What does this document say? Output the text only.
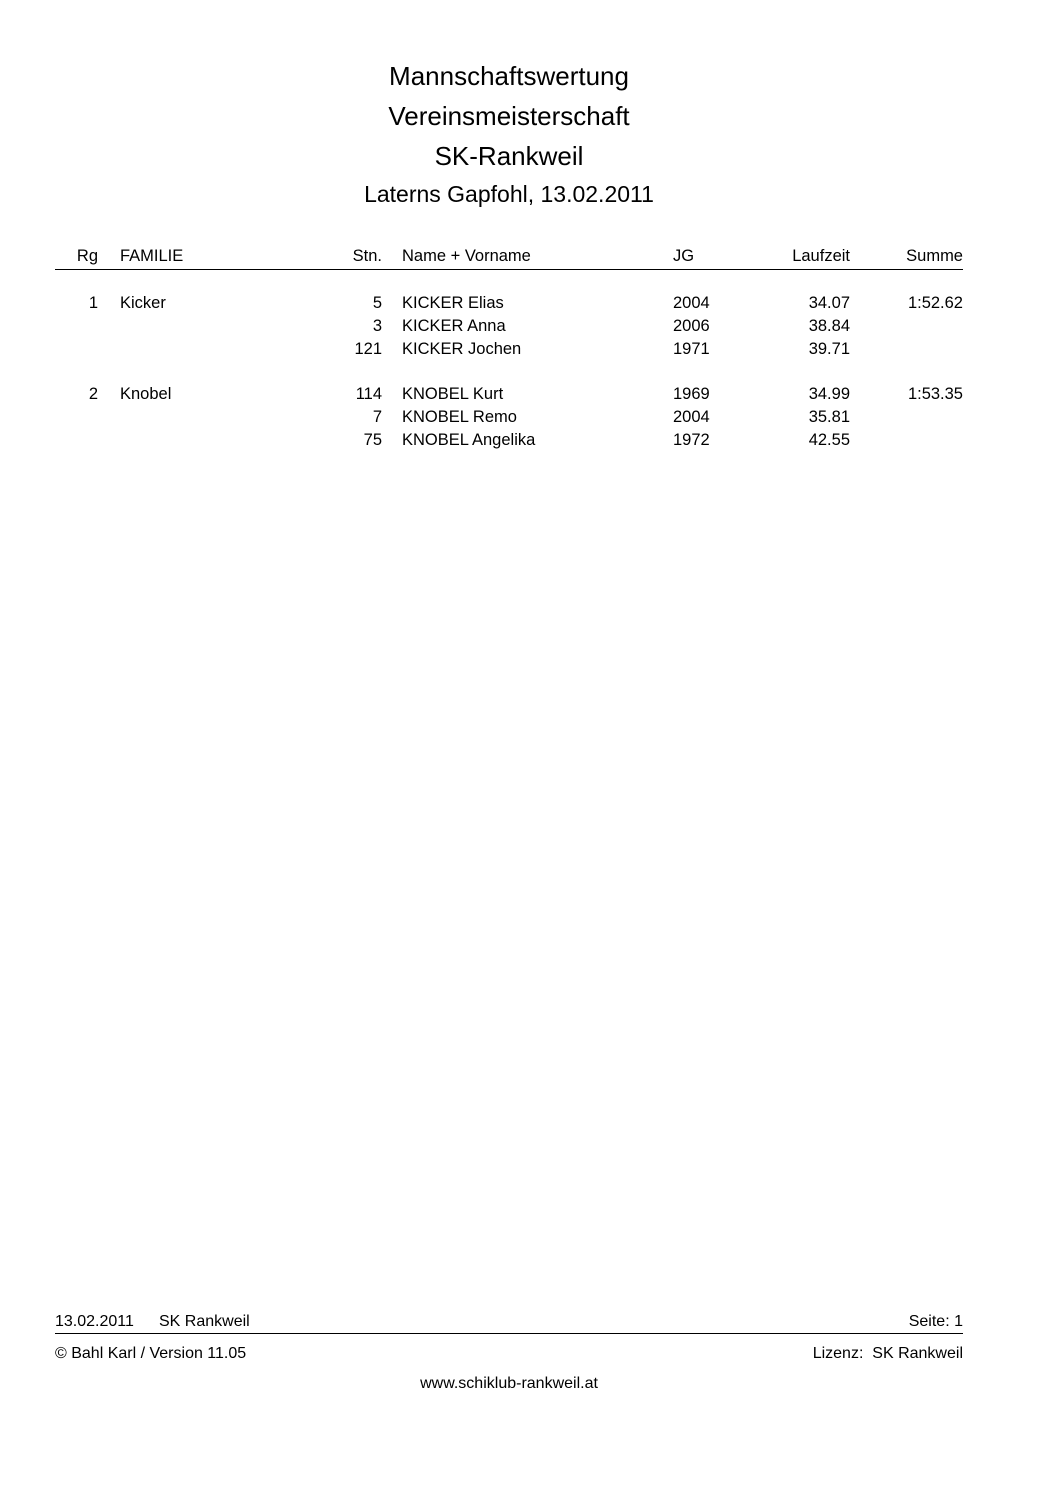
Mannschaftswertung
Vereinsmeisterschaft
SK-Rankweil
Laterns Gapfohl, 13.02.2011
Rg FAMILIE	Stn. Name + Vorname	JG	Laufzeit	Summe
1 Kicker	5 KICKER Elias	2004	34.07	1:52.62
3 KICKER Anna	2006	38.84
121 KICKER Jochen	1971	39.71
2 Knobel	114 KNOBEL Kurt	1969	34.99	1:53.35
7 KNOBEL Remo	2004	35.81
75 KNOBEL Angelika	1972	42.55
13.02.2011 SK Rankweil	Seite: 1
© Bahl Karl / Version 11.05	Lizenz:  SK Rankweil
www.schiklub-rankweil.at
